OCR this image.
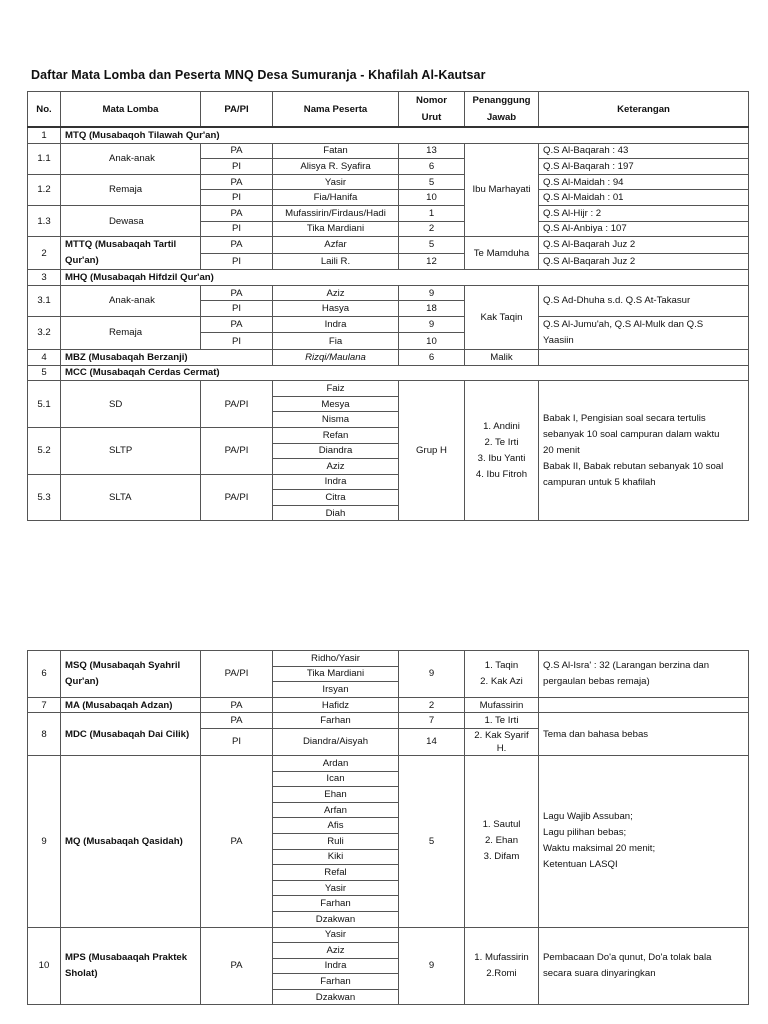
Daftar Mata Lomba dan Peserta MNQ Desa Sumuranja - Khafilah Al-Kautsar
No.	Mata Lomba	PA/PI	Nama Peserta	Nomor
Urut	Penanggung
Jawab	Keterangan
1	MTQ (Musabaqoh Tilawah Qur'an)					
1.1	Anak-anak	PA	Fatan	13	Ibu Marhayati	Q.S Al-Baqarah : 43
		PI	Alisya R. Syafira	6		Q.S Al-Baqarah : 197
1.2	Remaja	PA	Yasir	5		Q.S Al-Maidah : 94
		PI	Fia/Hanifa	10		Q.S Al-Maidah : 01
1.3	Dewasa	PA	Mufassirin/Firdaus/Hadi	1		Q.S Al-Hijr : 2
		PI	Tika Mardiani	2		Q.S Al-Anbiya : 107
2	MTTQ (Musabaqah Tartil
Qur'an)	PA	Azfar	5	Te Mamduha	Q.S Al-Baqarah Juz 2
		PI	Laili R.	12		Q.S Al-Baqarah Juz 2
3	MHQ (Musabaqah Hifdzil Qur'an)					
3.1	Anak-anak	PA	Aziz	9	Kak Taqin	Q.S Ad-Dhuha s.d. Q.S At-Takasur
		PI	Hasya	18		
3.2	Remaja	PA	Indra	9		Q.S Al-Jumu'ah, Q.S Al-Mulk dan Q.S
Yaasiin
		PI	Fia	10		
4	MBZ (Musabaqah Berzanji)		Rizqi/Maulana	6	Malik	
5	MCC (Musabaqah Cerdas Cermat)					
5.1	SD	PA/PI	Faiz	Grup H	1. Andini
2. Te Irti
3. Ibu Yanti
4. Ibu Fitroh	Babak I, Pengisian soal secara tertulis
sebanyak 10 soal campuran dalam waktu
20 menit
Babak II, Babak rebutan sebanyak 10 soal
campuran untuk 5 khafilah
			Mesya			
			Nisma			
5.2	SLTP	PA/PI	Refan			
			Diandra			
			Aziz			
5.3	SLTA	PA/PI	Indra			
			Citra			
			Diah			
6	MSQ (Musabaqah Syahril
Qur'an)	PA/PI	Ridho/Yasir	9	1. Taqin
2. Kak Azi	Q.S Al-Isra' : 32 (Larangan berzina dan
pergaulan bebas remaja)
			Tika Mardiani			
			Irsyan			
7	MA (Musabaqah Adzan)	PA	Hafidz	2	Mufassirin	
8	MDC (Musabaqah Dai Cilik)	PA	Farhan	7	1. Te Irti	Tema dan bahasa bebas
		PI	Diandra/Aisyah	14	2. Kak Syarif H.	
9	MQ (Musabaqah Qasidah)	PA	Ardan	5	1. Sautul
2. Ehan
3. Difam	Lagu Wajib Assuban;
Lagu pilihan bebas;
Waktu maksimal 20 menit;
Ketentuan LASQI
			Ican			
			Ehan			
			Arfan			
			Afis			
			Ruli			
			Kiki			
			Refal			
			Yasir			
			Farhan			
			Dzakwan			
10	MPS (Musabaaqah Praktek
Sholat)	PA	Yasir	9	1. Mufassirin
2.Romi	Pembacaan Do'a qunut, Do'a tolak bala
secara suara dinyaringkan
			Aziz			
			Indra			
			Farhan			
			Dzakwan			
